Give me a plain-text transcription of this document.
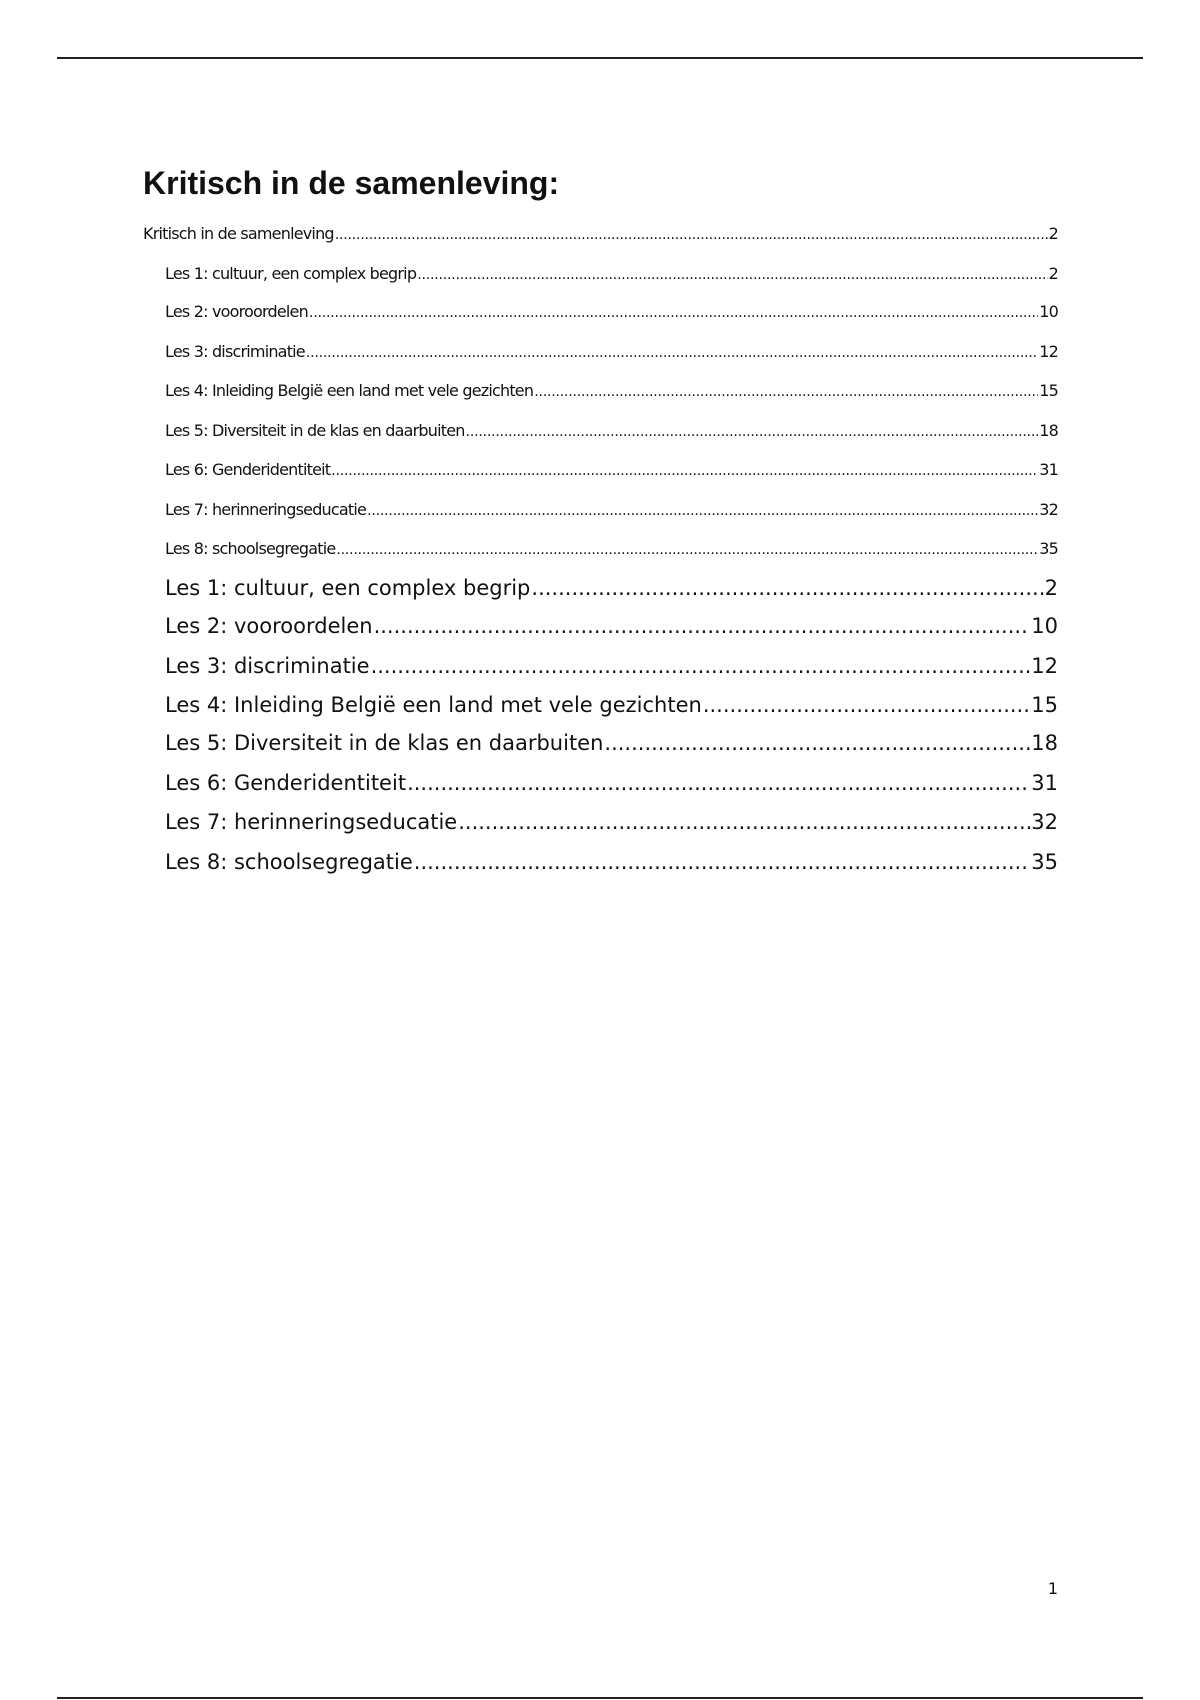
Kritisch in de samenleving:
Kritisch in de samenleving .....	2
Les 1: cultuur, een complex begrip .....	2
Les 2: vooroordelen .....	10
Les 3: discriminatie .....	12
Les 4: Inleiding België een land met vele gezichten .....	15
Les 5: Diversiteit in de klas en daarbuiten .....	18
Les 6: Genderidentiteit .....	31
Les 7: herinneringseducatie .....	32
Les 8: schoolsegregatie .....	35
Les 1: cultuur, een complex begrip .....	2
Les 2: vooroordelen .....	10
Les 3: discriminatie .....	12
Les 4: Inleiding België een land met vele gezichten .....	15
Les 5: Diversiteit in de klas en daarbuiten .....	18
Les 6: Genderidentiteit .....	31
Les 7: herinneringseducatie .....	32
Les 8: schoolsegregatie .....	35
1
